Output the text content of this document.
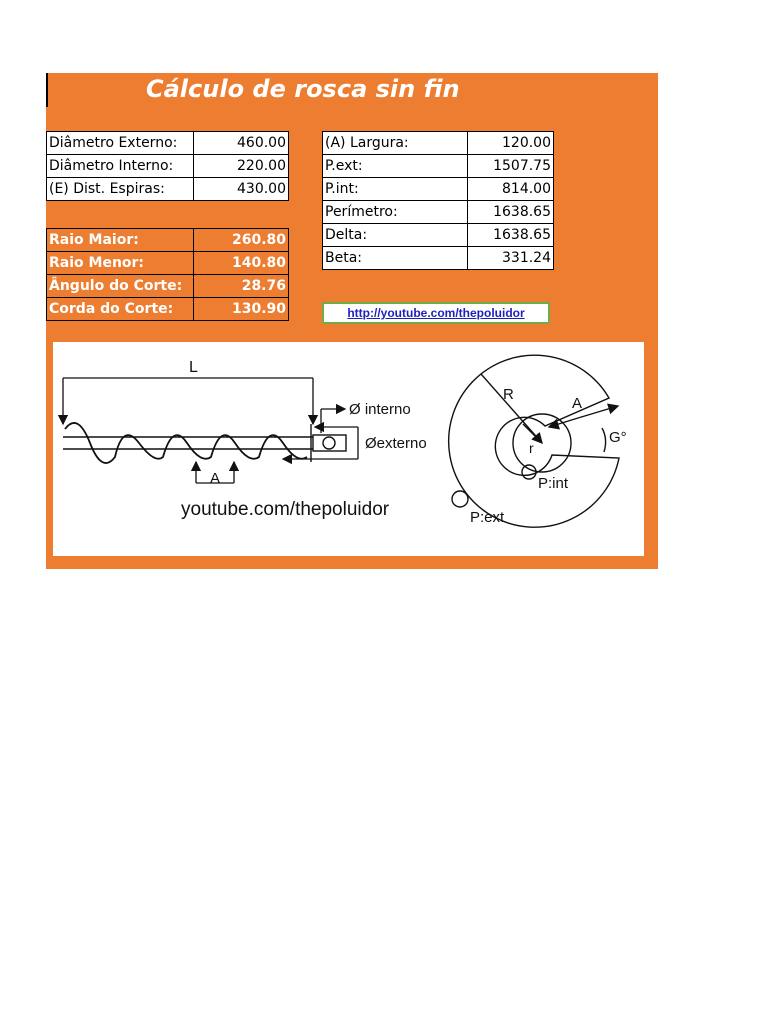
Cálculo de rosca sin fin
Diâmetro Externo:	460.00
Diâmetro Interno:	220.00
(E) Dist. Espiras:	430.00
Raio Maior:	260.80
Raio Menor:	140.80
Ângulo do Corte:	28.76
Corda do Corte:	130.90
(A) Largura:	120.00
P.ext:	1507.75
P.int:	814.00
Perímetro:	1638.65
Delta:	1638.65
Beta:	331.24
http://youtube.com/thepoluidor
L
Ø interno
Øexterno
A
youtube.com/thepoluidor
R
A
r
G°
P:int
P:ext
